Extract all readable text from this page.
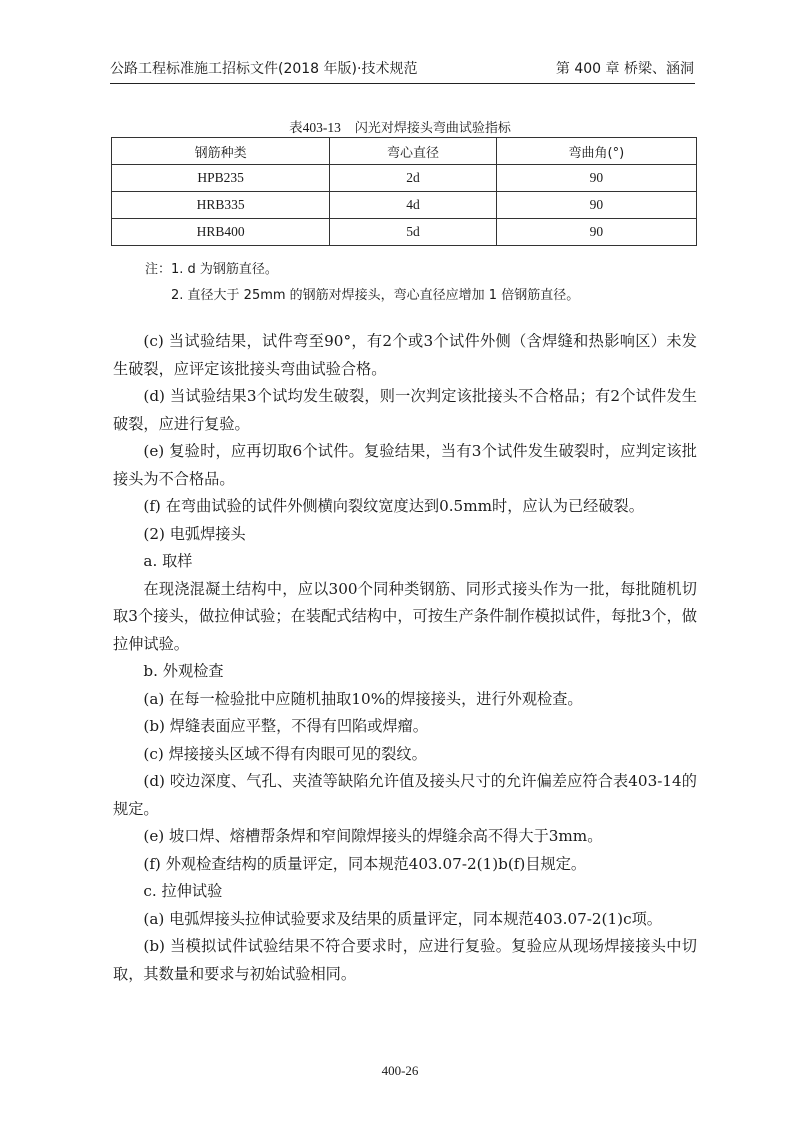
公路工程标准施工招标文件(2018 年版)·技术规范	第 400 章 桥梁、涵洞
表403-13 闪光对焊接头弯曲试验指标
钢筋种类	弯心直径	弯曲角(°)
HPB235	2d	90
HRB335	4d	90
HRB400	5d	90
注：1. d 为钢筋直径。
2. 直径大于 25mm 的钢筋对焊接头，弯心直径应增加 1 倍钢筋直径。

(c) 当试验结果，试件弯至90°，有2个或3个试件外侧（含焊缝和热影响区）未发生破裂，应评定该批接头弯曲试验合格。

(d) 当试验结果3个试均发生破裂，则一次判定该批接头不合格品；有2个试件发生破裂，应进行复验。

(e) 复验时，应再切取6个试件。复验结果，当有3个试件发生破裂时，应判定该批接头为不合格品。

(f) 在弯曲试验的试件外侧横向裂纹宽度达到0.5mm时，应认为已经破裂。

(2) 电弧焊接头

a. 取样

在现浇混凝土结构中，应以300个同种类钢筋、同形式接头作为一批，每批随机切取3个接头，做拉伸试验；在装配式结构中，可按生产条件制作模拟试件，每批3个，做拉伸试验。

b. 外观检查

(a) 在每一检验批中应随机抽取10%的焊接接头，进行外观检查。

(b) 焊缝表面应平整，不得有凹陷或焊瘤。

(c) 焊接接头区域不得有肉眼可见的裂纹。

(d) 咬边深度、气孔、夹渣等缺陷允许值及接头尺寸的允许偏差应符合表403-14的规定。

(e) 坡口焊、熔槽帮条焊和窄间隙焊接头的焊缝余高不得大于3mm。

(f) 外观检查结构的质量评定，同本规范403.07-2(1)b(f)目规定。

c. 拉伸试验

(a) 电弧焊接头拉伸试验要求及结果的质量评定，同本规范403.07-2(1)c项。

(b) 当模拟试件试验结果不符合要求时，应进行复验。复验应从现场焊接接头中切取，其数量和要求与初始试验相同。

400-26
